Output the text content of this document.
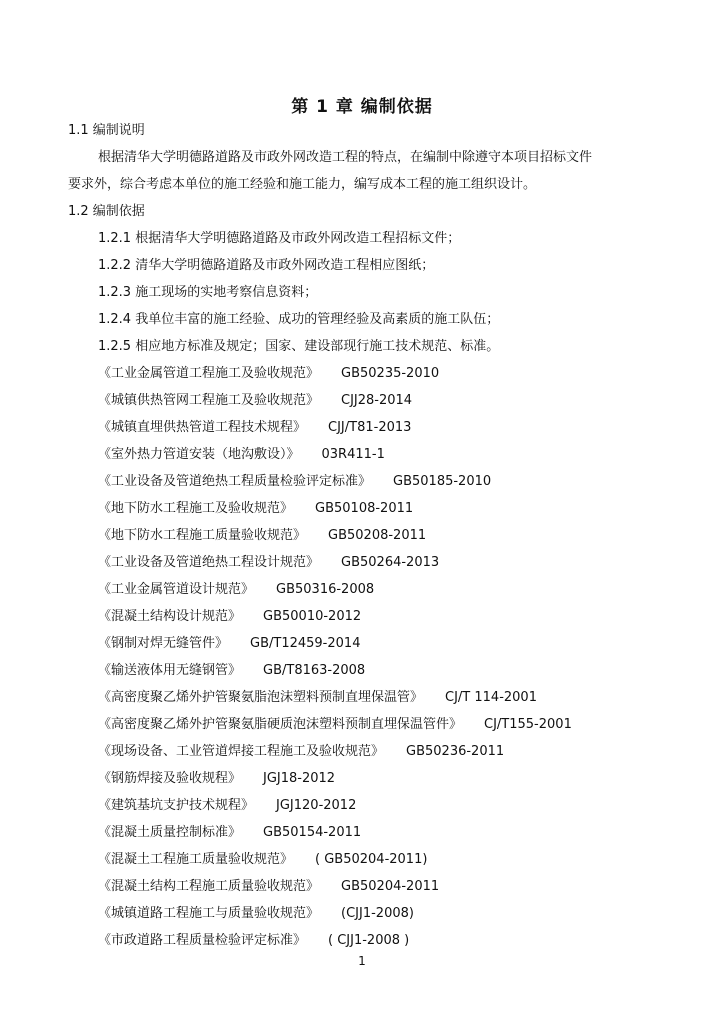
第 1 章 编制依据
1.1 编制说明
根据清华大学明德路道路及市政外网改造工程的特点，在编制中除遵守本项目招标文件
要求外，综合考虑本单位的施工经验和施工能力，编写成本工程的施工组织设计。
1.2 编制依据
1.2.1 根据清华大学明德路道路及市政外网改造工程招标文件；
1.2.2 清华大学明德路道路及市政外网改造工程相应图纸；
1.2.3 施工现场的实地考察信息资料；
1.2.4 我单位丰富的施工经验、成功的管理经验及高素质的施工队伍；
1.2.5 相应地方标准及规定；国家、建设部现行施工技术规范、标准。
《工业金属管道工程施工及验收规范》 GB50235-2010
《城镇供热管网工程施工及验收规范》 CJJ28-2014
《城镇直埋供热管道工程技术规程》 CJJ/T81-2013
《室外热力管道安装（地沟敷设）》 03R411-1
《工业设备及管道绝热工程质量检验评定标准》 GB50185-2010
《地下防水工程施工及验收规范》 GB50108-2011
《地下防水工程施工质量验收规范》 GB50208-2011
《工业设备及管道绝热工程设计规范》 GB50264-2013
《工业金属管道设计规范》 GB50316-2008
《混凝土结构设计规范》 GB50010-2012
《钢制对焊无缝管件》 GB/T12459-2014
《输送液体用无缝钢管》 GB/T8163-2008
《高密度聚乙烯外护管聚氨脂泡沫塑料预制直埋保温管》 CJ/T 114-2001
《高密度聚乙烯外护管聚氨脂硬质泡沫塑料预制直埋保温管件》 CJ/T155-2001
《现场设备、工业管道焊接工程施工及验收规范》 GB50236-2011
《钢筋焊接及验收规程》 JGJ18-2012
《建筑基坑支护技术规程》 JGJ120-2012
《混凝土质量控制标准》 GB50154-2011
《混凝土工程施工质量验收规范》 ( GB50204-2011)
《混凝土结构工程施工质量验收规范》 GB50204-2011
《城镇道路工程施工与质量验收规范》 (CJJ1-2008)
《市政道路工程质量检验评定标准》 ( CJJ1-2008 )
1
